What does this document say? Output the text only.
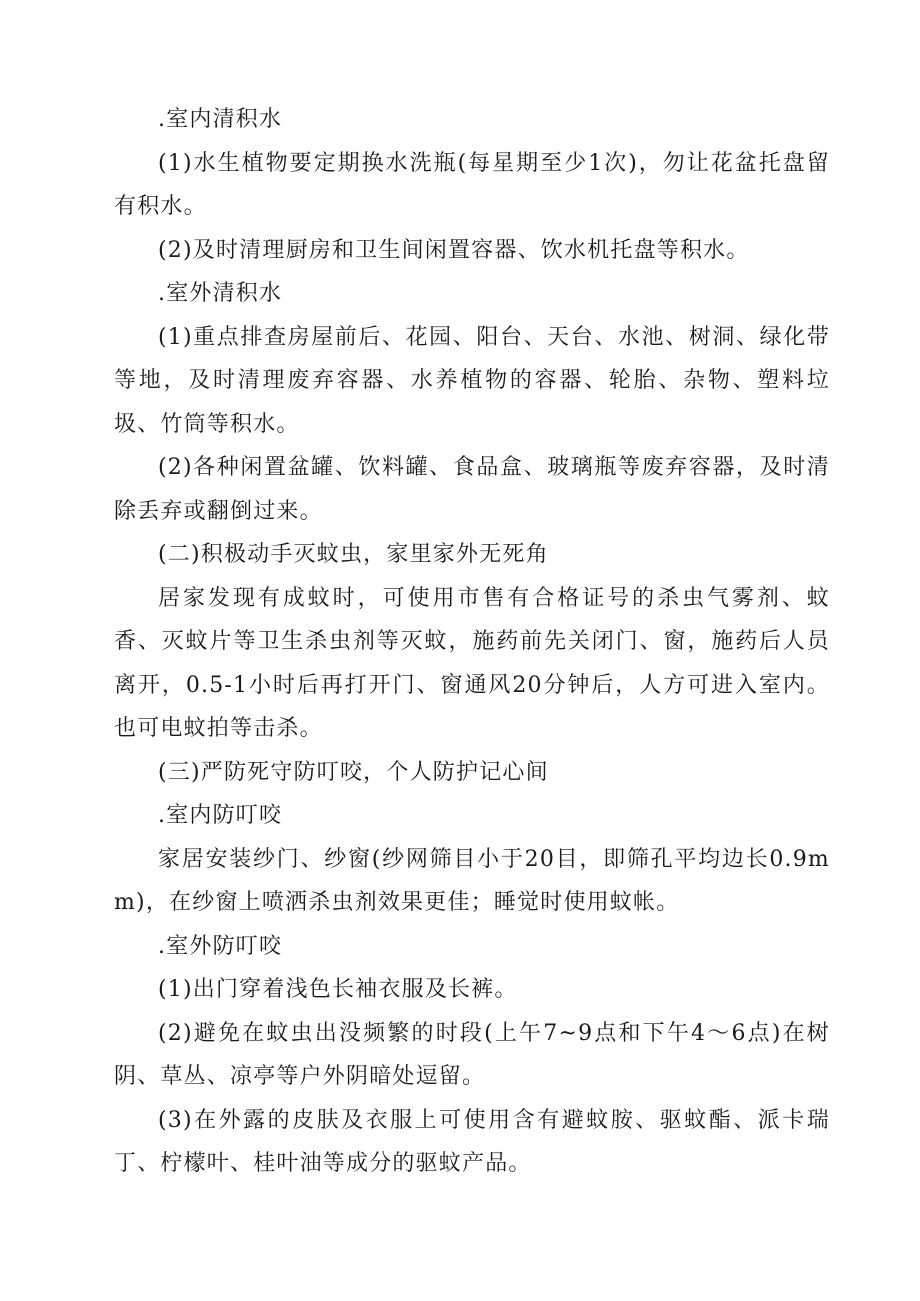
.室内清积水

(1)水生植物要定期换水洗瓶(每星期至少1次)，勿让花盆托盘留有积水。

(2)及时清理厨房和卫生间闲置容器、饮水机托盘等积水。

.室外清积水

(1)重点排查房屋前后、花园、阳台、天台、水池、树洞、绿化带等地，及时清理废弃容器、水养植物的容器、轮胎、杂物、塑料垃圾、竹筒等积水。

(2)各种闲置盆罐、饮料罐、食品盒、玻璃瓶等废弃容器，及时清除丢弃或翻倒过来。

(二)积极动手灭蚊虫，家里家外无死角

居家发现有成蚊时，可使用市售有合格证号的杀虫气雾剂、蚊香、灭蚊片等卫生杀虫剂等灭蚊，施药前先关闭门、窗，施药后人员离开，0.5-1小时后再打开门、窗通风20分钟后，人方可进入室内。也可电蚊拍等击杀。

(三)严防死守防叮咬，个人防护记心间

.室内防叮咬

家居安装纱门、纱窗(纱网筛目小于20目，即筛孔平均边长0.9mm)，在纱窗上喷洒杀虫剂效果更佳；睡觉时使用蚊帐。

.室外防叮咬

(1)出门穿着浅色长袖衣服及长裤。

(2)避免在蚊虫出没频繁的时段(上午7~9点和下午4～6点)在树阴、草丛、凉亭等户外阴暗处逗留。

(3)在外露的皮肤及衣服上可使用含有避蚊胺、驱蚊酯、派卡瑞丁、柠檬叶、桂叶油等成分的驱蚊产品。
